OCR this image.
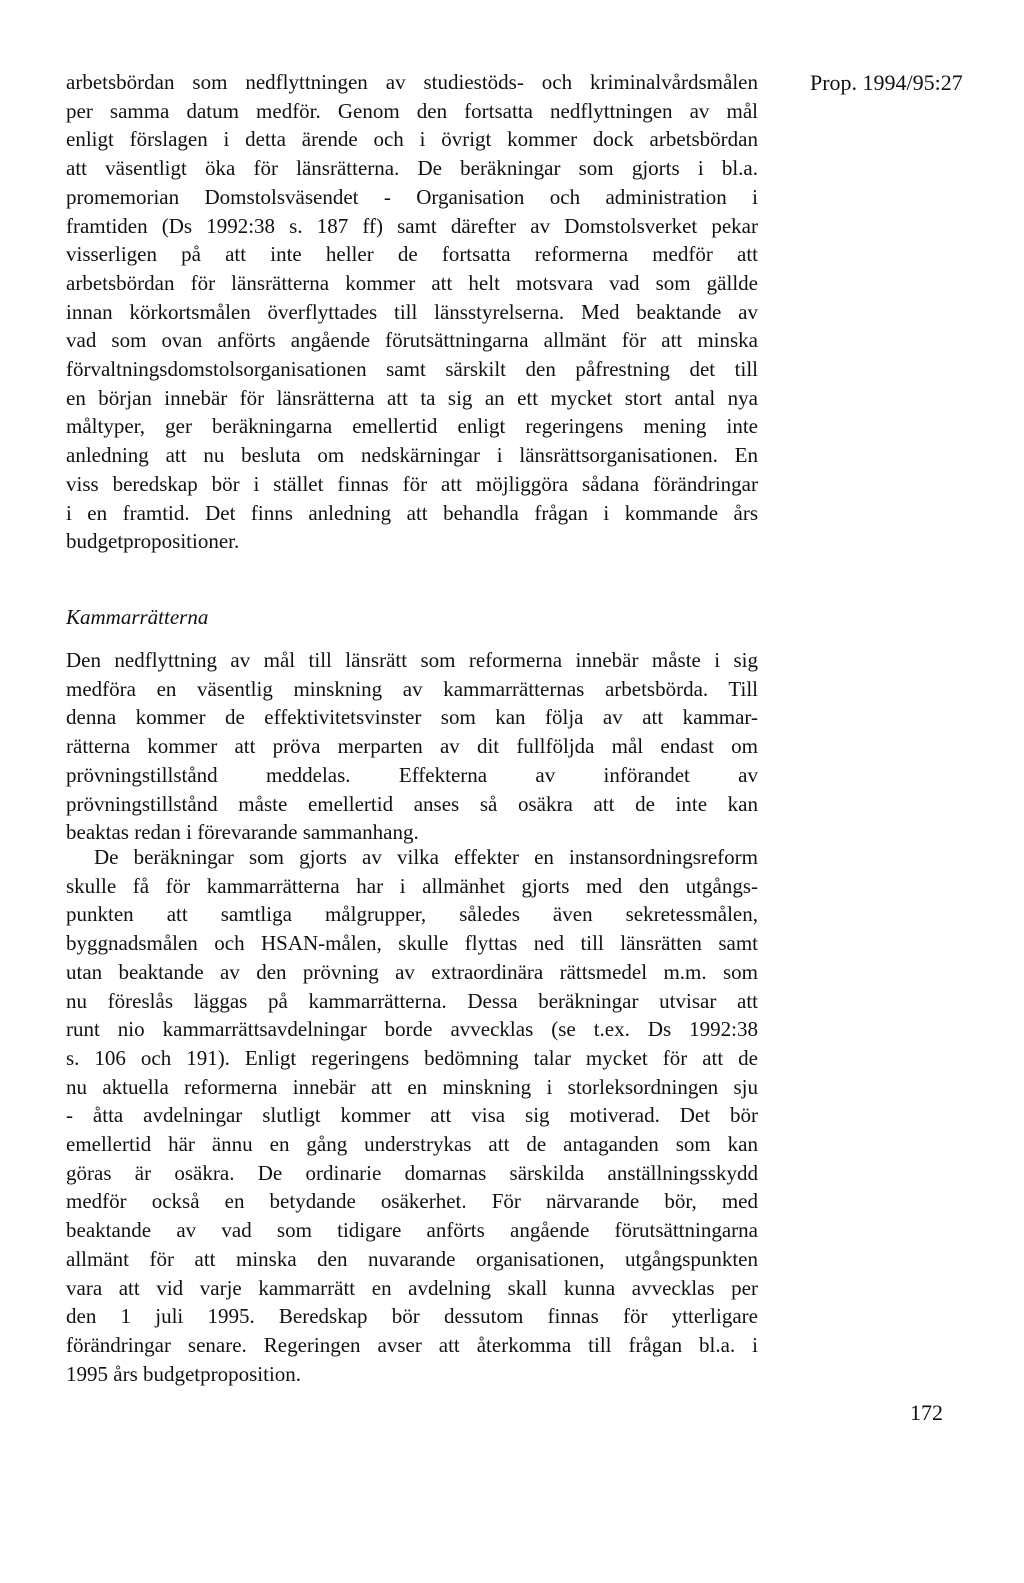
Prop. 1994/95:27
arbetsbördan som nedflyttningen av studiestöds- och kriminalvårdsmålen
per samma datum medför. Genom den fortsatta nedflyttningen av mål
enligt förslagen i detta ärende och i övrigt kommer dock arbetsbördan
att väsentligt öka för länsrätterna. De beräkningar som gjorts i bl.a.
promemorian Domstolsväsendet - Organisation och administration i
framtiden (Ds 1992:38 s. 187 ff) samt därefter av Domstolsverket pekar
visserligen på att inte heller de fortsatta reformerna medför att
arbetsbördan för länsrätterna kommer att helt motsvara vad som gällde
innan körkortsmålen överflyttades till länsstyrelserna. Med beaktande av
vad som ovan anförts angående förutsättningarna allmänt för att minska
förvaltningsdomstolsorganisationen samt särskilt den påfrestning det till
en början innebär för länsrätterna att ta sig an ett mycket stort antal nya
måltyper, ger beräkningarna emellertid enligt regeringens mening inte
anledning att nu besluta om nedskärningar i länsrättsorganisationen. En
viss beredskap bör i stället finnas för att möjliggöra sådana förändringar
i en framtid. Det finns anledning att behandla frågan i kommande års
budgetpropositioner.
Kammarrätterna
Den nedflyttning av mål till länsrätt som reformerna innebär måste i sig
medföra en väsentlig minskning av kammarrätternas arbetsbörda. Till
denna kommer de effektivitetsvinster som kan följa av att kammar-
rätterna kommer att pröva merparten av dit fullföljda mål endast om
prövningstillstånd meddelas. Effekterna av införandet av
prövningstillstånd måste emellertid anses så osäkra att de inte kan
beaktas redan i förevarande sammanhang.
De beräkningar som gjorts av vilka effekter en instansordningsreform
skulle få för kammarrätterna har i allmänhet gjorts med den utgångs-
punkten att samtliga målgrupper, således även sekretessmålen,
byggnadsmålen och HSAN-målen, skulle flyttas ned till länsrätten samt
utan beaktande av den prövning av extraordinära rättsmedel m.m. som
nu föreslås läggas på kammarrätterna. Dessa beräkningar utvisar att
runt nio kammarrättsavdelningar borde avvecklas (se t.ex. Ds 1992:38
s. 106 och 191). Enligt regeringens bedömning talar mycket för att de
nu aktuella reformerna innebär att en minskning i storleksordningen sju
- åtta avdelningar slutligt kommer att visa sig motiverad. Det bör
emellertid här ännu en gång understrykas att de antaganden som kan
göras är osäkra. De ordinarie domarnas särskilda anställningsskydd
medför också en betydande osäkerhet. För närvarande bör, med
beaktande av vad som tidigare anförts angående förutsättningarna
allmänt för att minska den nuvarande organisationen, utgångspunkten
vara att vid varje kammarrätt en avdelning skall kunna avvecklas per
den 1 juli 1995. Beredskap bör dessutom finnas för ytterligare
förändringar senare. Regeringen avser att återkomma till frågan bl.a. i
1995 års budgetproposition.
172
